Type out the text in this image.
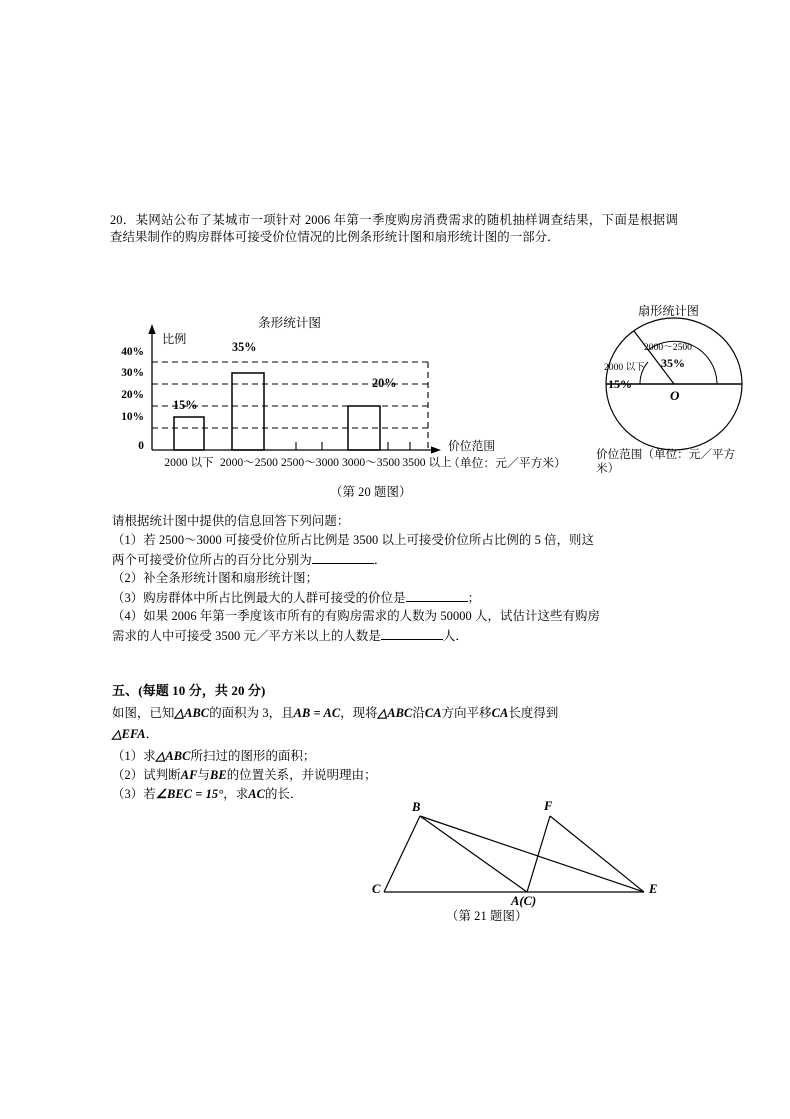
20．某网站公布了某城市一项针对 2006 年第一季度购房消费需求的随机抽样调查结果，下面是根据调查结果制作的购房群体可接受价位情况的比例条形统计图和扇形统计图的一部分．
条形统计图
比例
40%
30%
20%
10%
0
15%
35%
20%
2000 以下 2000～2500 2500～3000 3000～3500 3500 以上
价位范围
（单位：元／平方米）
扇形统计图
2000～2500
2000 以下 35%
15%
O
价位范围（单位：元／平方
米）
（第 20 题图）
请根据统计图中提供的信息回答下列问题：
（1）若 2500～3000 可接受价位所占比例是 3500 以上可接受价位所占比例的 5 倍，则这
两个可接受价位所占的百分比分别为	．
（2）补全条形统计图和扇形统计图；
（3）购房群体中所占比例最大的人群可接受的价位是	；
（4）如果 2006 年第一季度该市所有的有购房需求的人数为 50000 人，试估计这些有购房
需求的人中可接受 3500 元／平方米以上的人数是	人．
五、(每题 10 分，共 20 分)
如图，已知△ABC的面积为 3，且AB = AC，现将△ABC沿CA方向平移CA长度得到
△EFA．
（1）求△ABC所扫过的图形的面积；
（2）试判断AF与BE的位置关系，并说明理由；
（3）若∠BEC = 15°，求AC的长．
B	F
C
A(C)
E
（第 21 题图）
